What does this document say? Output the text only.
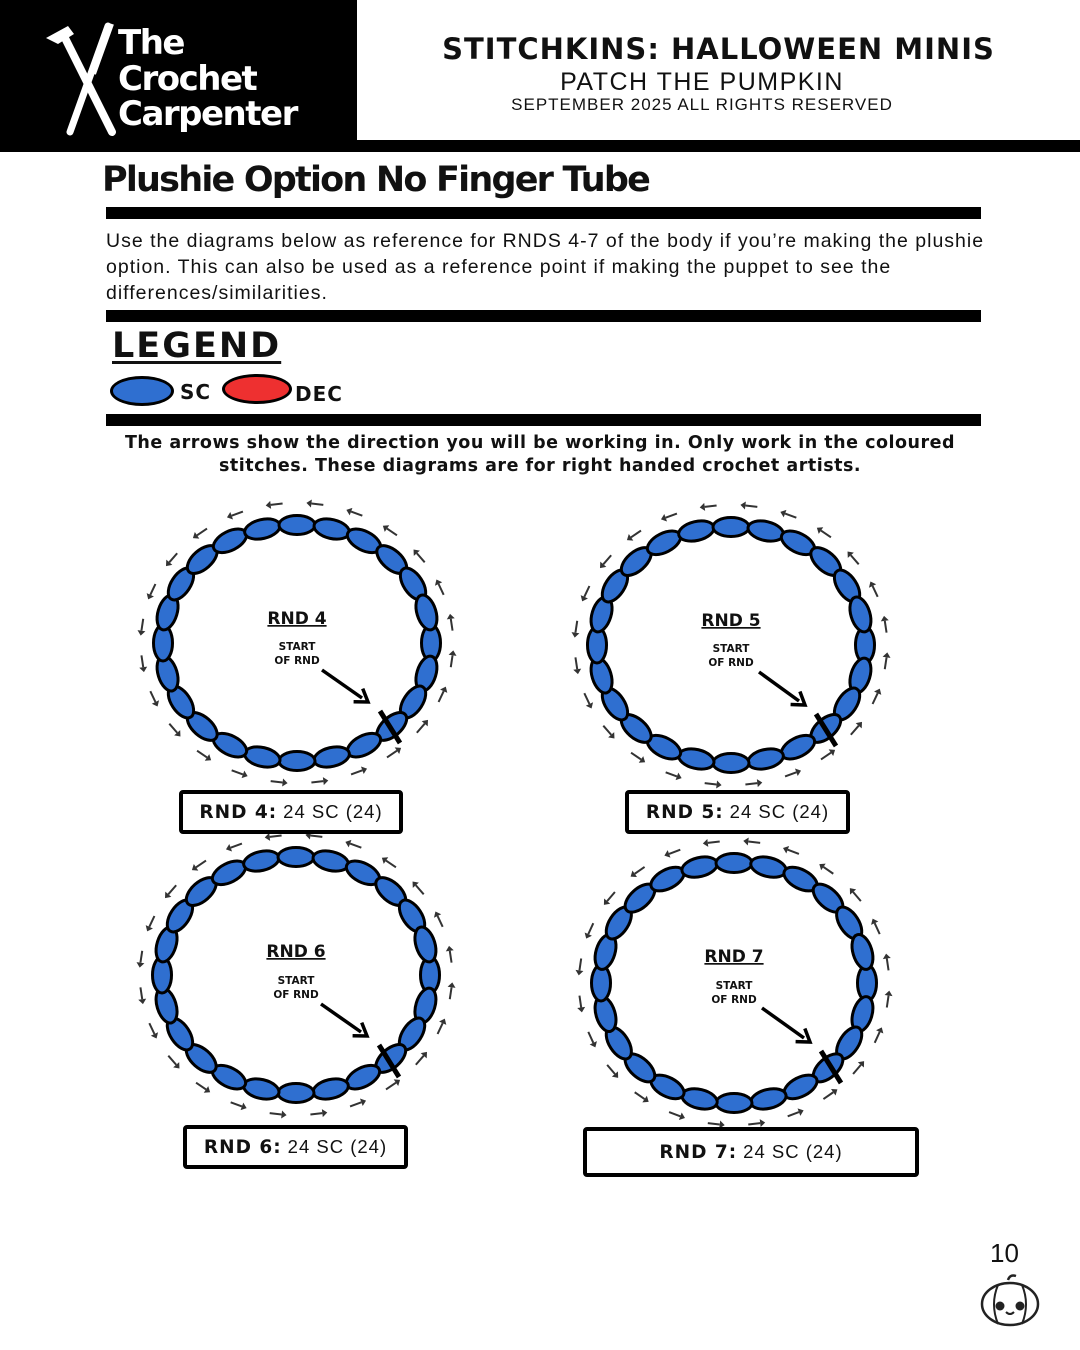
The
Crochet
Carpenter
STITCHKINS: HALLOWEEN MINIS
PATCH THE PUMPKIN
SEPTEMBER 2025 ALL RIGHTS RESERVED
Plushie Option No Finger Tube
Use the diagrams below as reference for RNDS 4-7 of the body if you’re making the plushie option. This can also be used as a reference point if making the puppet to see the differences/similarities.
LEGEND
SC	DEC
The arrows show the direction you will be working in. Only work in the coloured stitches. These diagrams are for right handed crochet artists.
RND 4
START
OF RND
RND 5
START
OF RND
RND 6
START
OF RND
RND 7
START
OF RND
RND 4: 24 SC (24)	RND 5: 24 SC (24)
RND 6: 24 SC (24)	RND 7: 24 SC (24)
10
